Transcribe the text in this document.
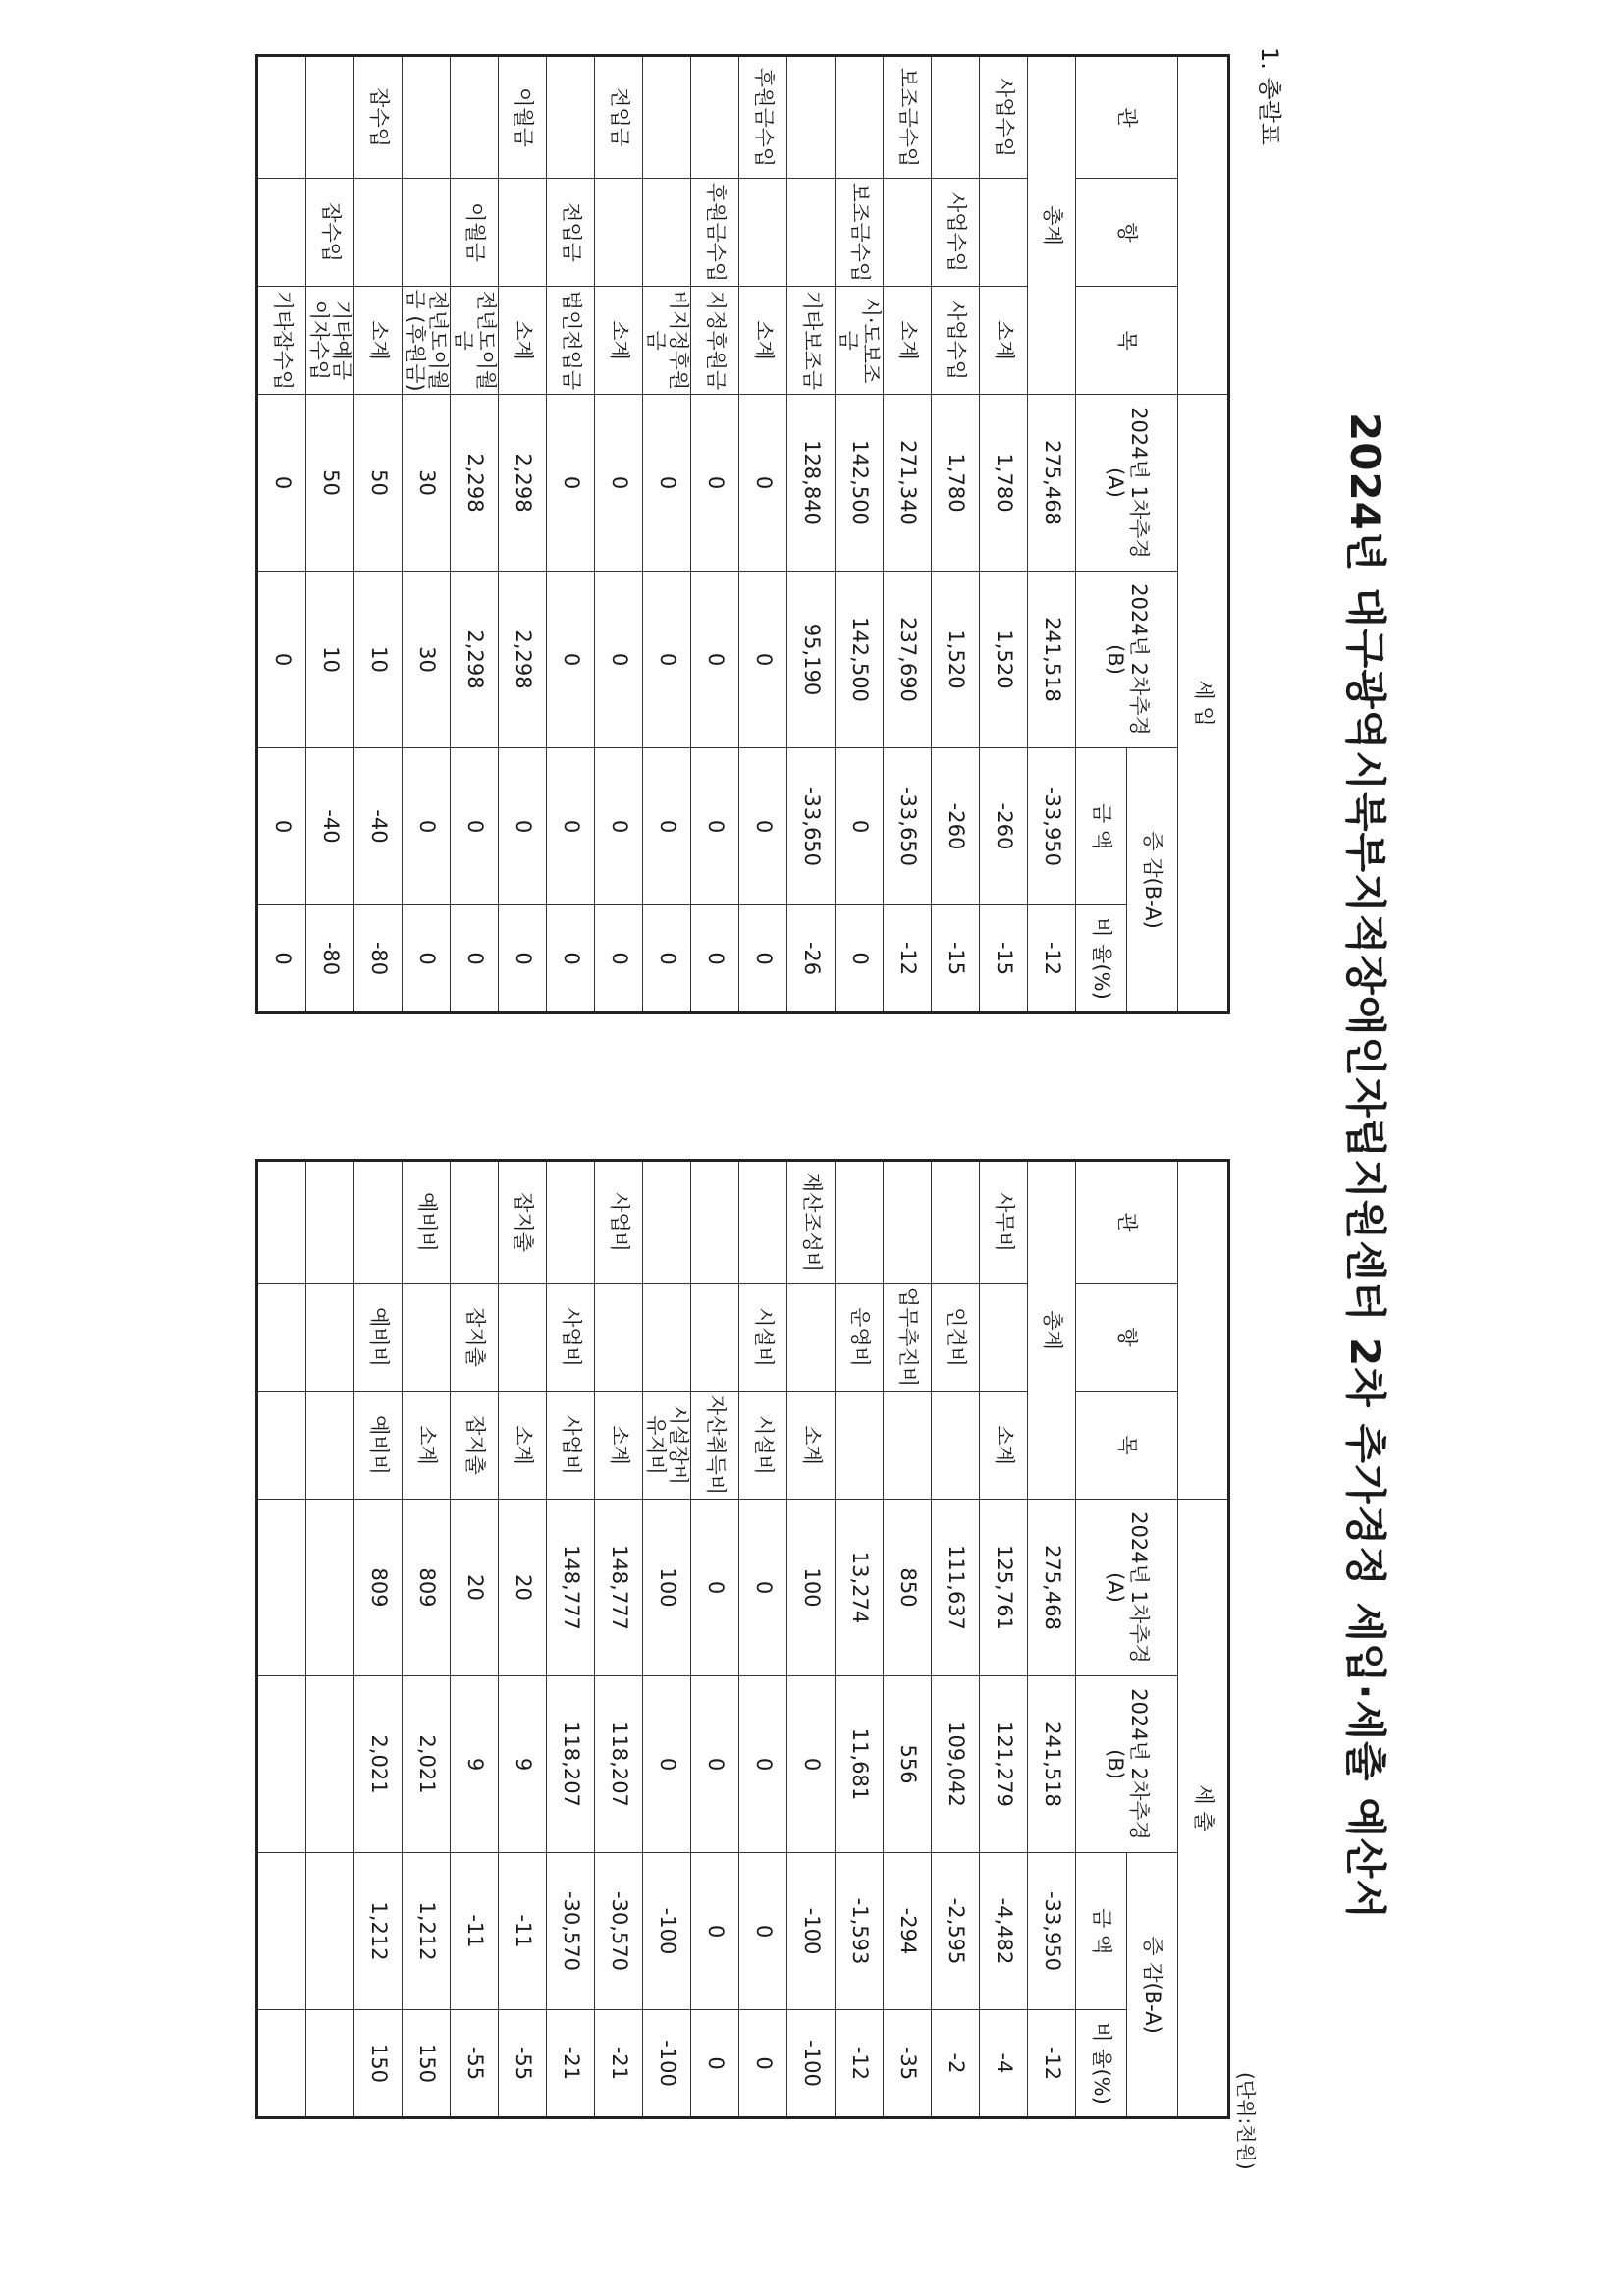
1. 총괄표
2024년 대구광역시북부지적장애인자립지원센터 2차 추가경정 세입·세출 예산서
(단위:천원)
			세 입			
관	항	목	2024년 1차추경(A)	2024년 2차추경(B)	증 감(B-A)	
					금 액	비 율(%)
총계			275,468	241,518	-33,950	-12
사업수입		소계	1,780	1,520	-260	-15
	사업수입	사업수입	1,780	1,520	-260	-15
보조금수입		소계	271,340	237,690	-33,650	-12
	보조금수입	시·도보조금	142,500	142,500	0	0
		기타보조금	128,840	95,190	-33,650	-26
후원금수입		소계	0	0	0	0
	후원금수입	지정후원금	0	0	0	0
		비지정후원금	0	0	0	0
전입금		소계	0	0	0	0
	전입금	법인전입금	0	0	0	0
이월금		소계	2,298	2,298	0	0
	이월금	전년도이월금	2,298	2,298	0	0
		전년도이월금 (후원금)	30	30	0	0
잡수입		소계	50	10	-40	-80
	잡수입	기타예금 이자수입	50	10	-40	-80
		기타잡수입	0	0	0	0
			세 출			
관	항	목	2024년 1차추경(A)	2024년 2차추경(B)	증 감(B-A)	
					금 액	비 율(%)
총계			275,468	241,518	-33,950	-12
사무비		소계	125,761	121,279	-4,482	-4
	인건비		111,637	109,042	-2,595	-2
	업무추진비		850	556	-294	-35
	운영비		13,274	11,681	-1,593	-12
재산조성비		소계	100	0	-100	-100
	시설비	시설비	0	0	0	0
		자산취득비	0	0	0	0
		시설장비 유지비	100	0	-100	-100
사업비		소계	148,777	118,207	-30,570	-21
	사업비	사업비	148,777	118,207	-30,570	-21
잡지출		소계	20	9	-11	-55
	잡지출	잡지출	20	9	-11	-55
예비비		소계	809	2,021	1,212	150
	예비비	예비비	809	2,021	1,212	150
